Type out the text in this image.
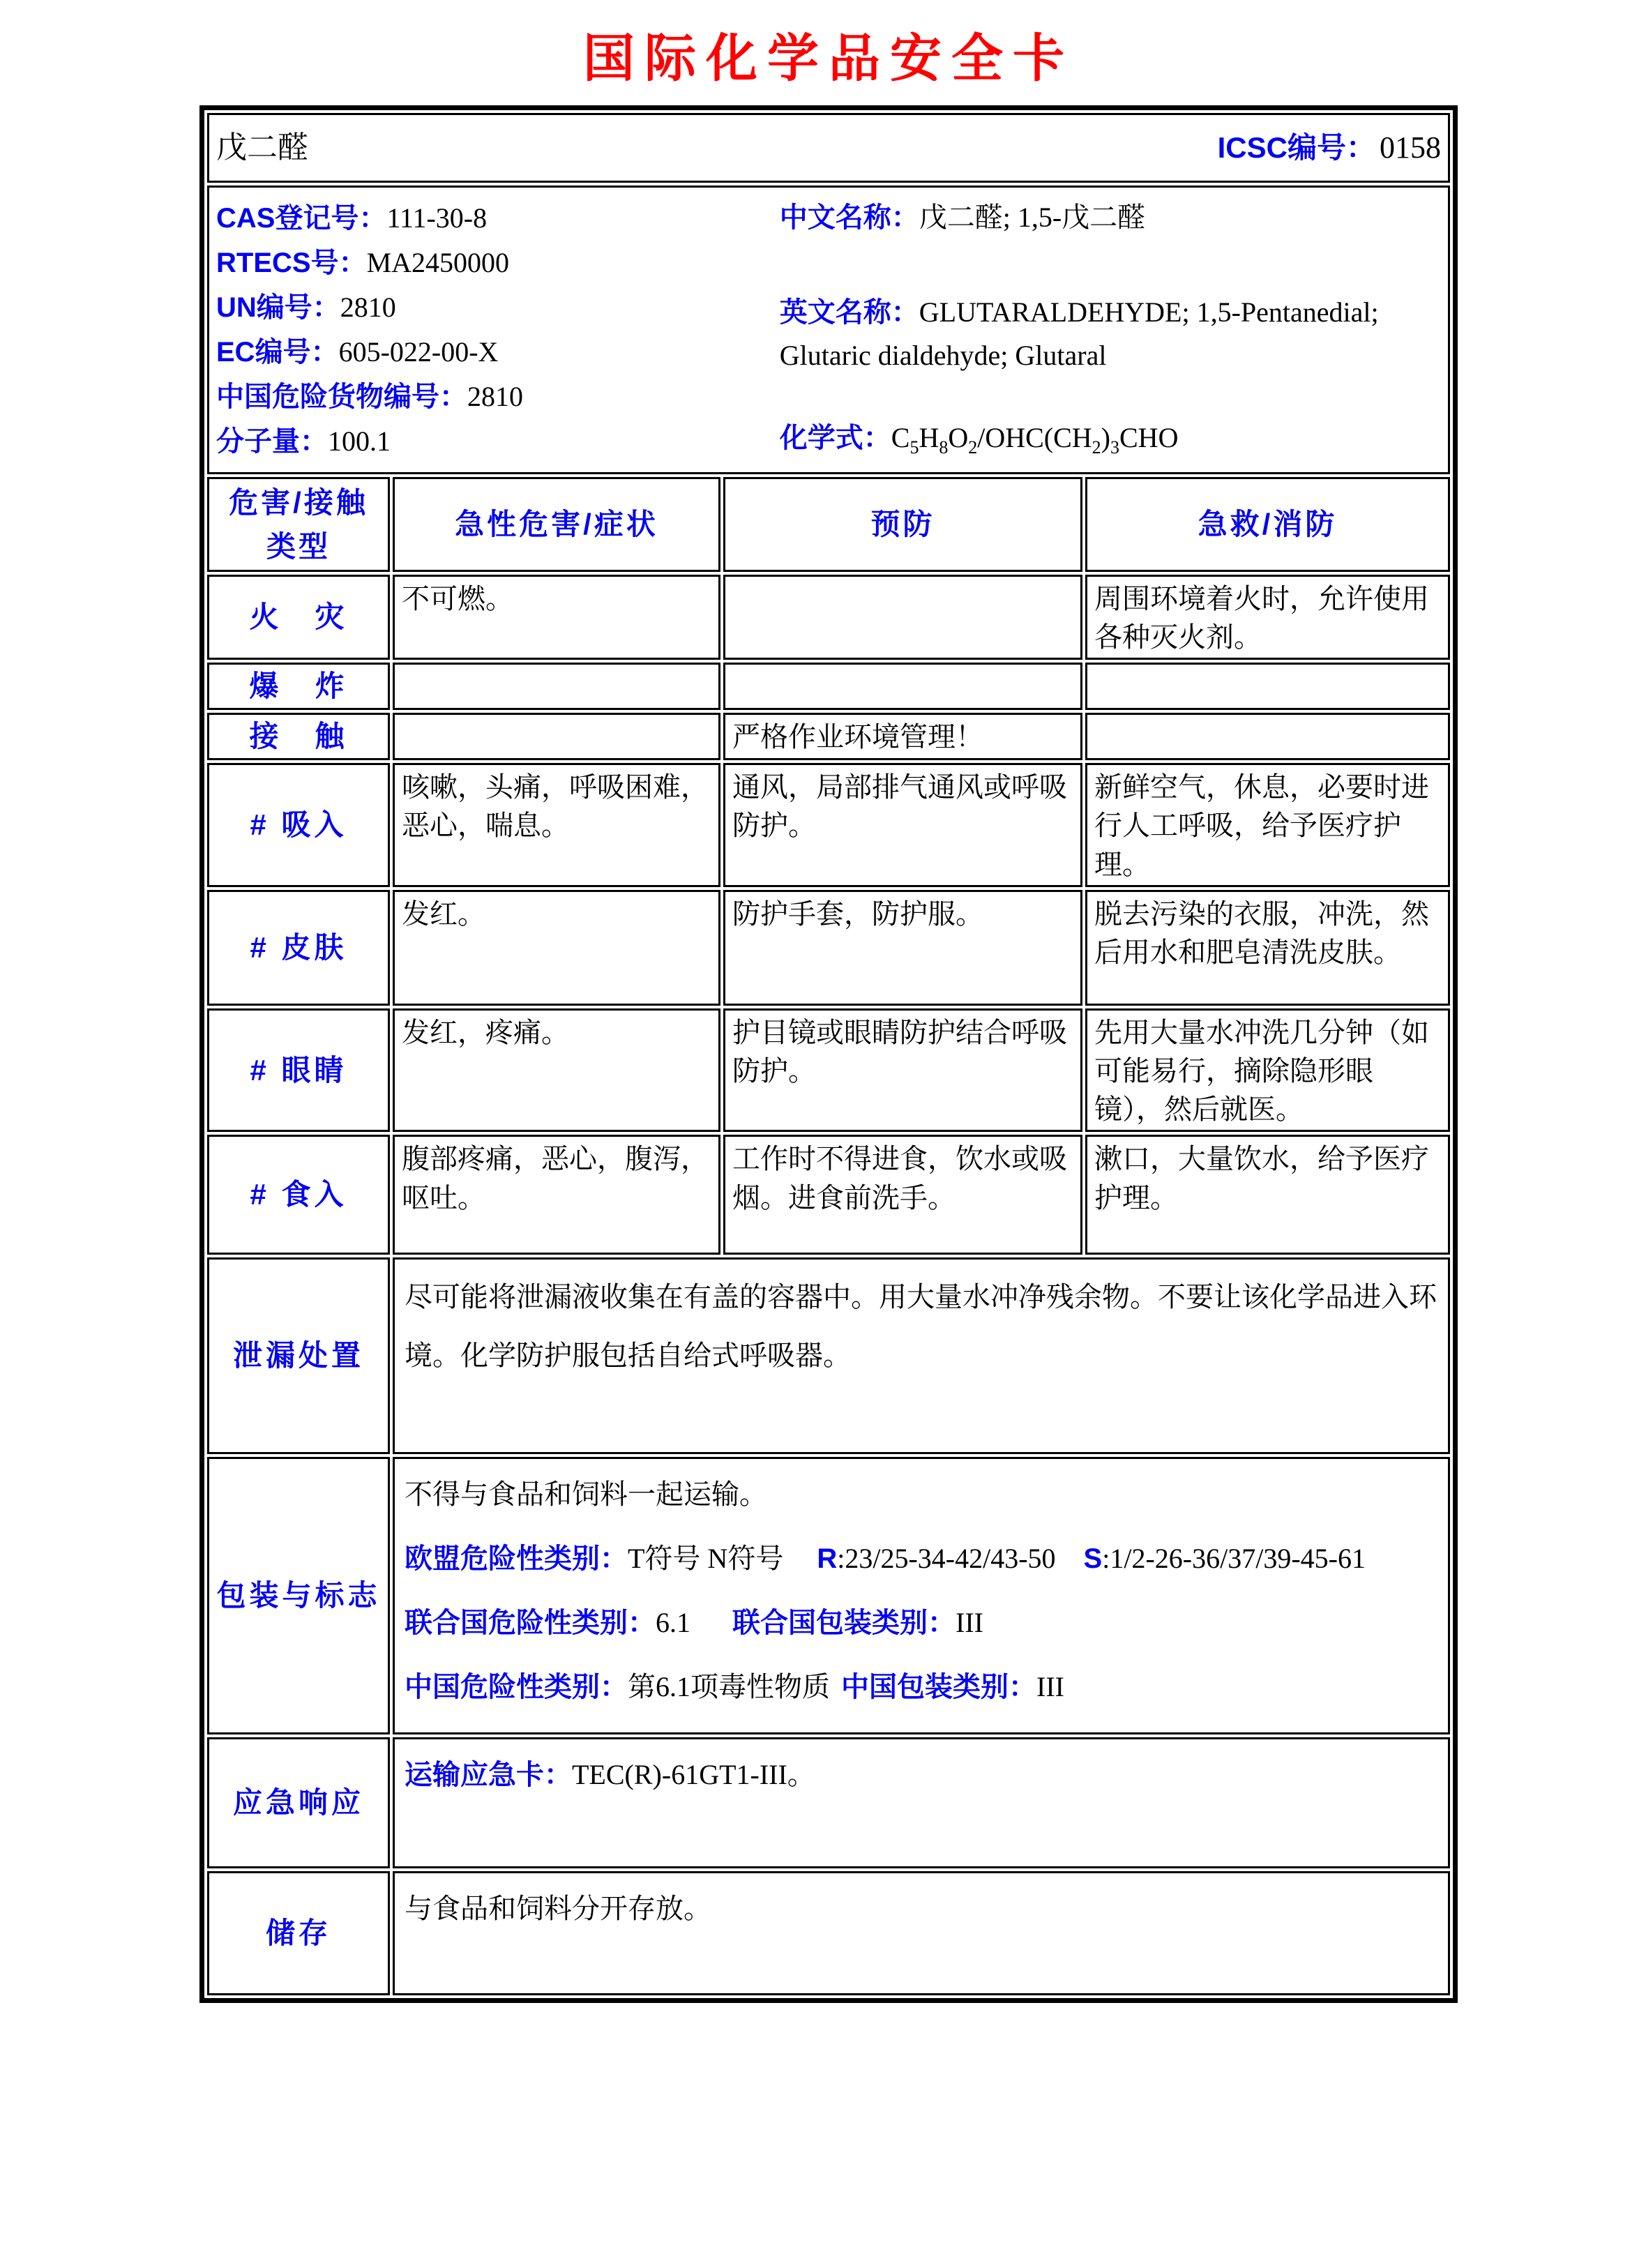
国际化学品安全卡
戊二醛 ICSC编号： 0158			

CAS登记号：111-30-8
RTECS号：MA2450000
UN编号：2810
EC编号：605-022-00-X
中国危险货物编号：2810
分子量：100.1
中文名称：戊二醛; 1,5-戊二醛
英文名称：GLUTARALDEHYDE; 1,5-Pentanedial; Glutaric dialdehyde; Glutaral
化学式：$C_5H_8O_2/OHC(CH_2)_3CHO$

危害/接触类型	急性危害/症状	预防	急救/消防
火　灾	不可燃。		周围环境着火时，允许使用各种灭火剂。
爆　炸			
接　触		严格作业环境管理！	
# 吸入	咳嗽，头痛，呼吸困难，恶心，喘息。	通风，局部排气通风或呼吸防护。	新鲜空气，休息，必要时进行人工呼吸，给予医疗护理。
# 皮肤	发红。	防护手套，防护服。	脱去污染的衣服，冲洗，然后用水和肥皂清洗皮肤。
# 眼睛	发红，疼痛。	护目镜或眼睛防护结合呼吸防护。	先用大量水冲洗几分钟（如可能易行，摘除隐形眼镜），然后就医。
# 食入	腹部疼痛，恶心，腹泻，呕吐。	工作时不得进食，饮水或吸烟。进食前洗手。	漱口，大量饮水，给予医疗护理。
泄漏处置	尽可能将泄漏液收集在有盖的容器中。用大量水冲净残余物。不要让该化学品进入环境。化学防护服包括自给式呼吸器。		

包装与标志	不得与食品和饲料一起运输。

欧盟危险性类别：T符号 N符号 R:23/25-34-42/43-50 S:1/2-26-36/37/39-45-61

联合国危险性类别：6.1 联合国包装类别：III

中国危险性类别：第6.1项毒性物质 中国包装类别：III		

应急响应	运输应急卡：TEC(R)-61GT1-III。		

储存	与食品和饲料分开存放。		
